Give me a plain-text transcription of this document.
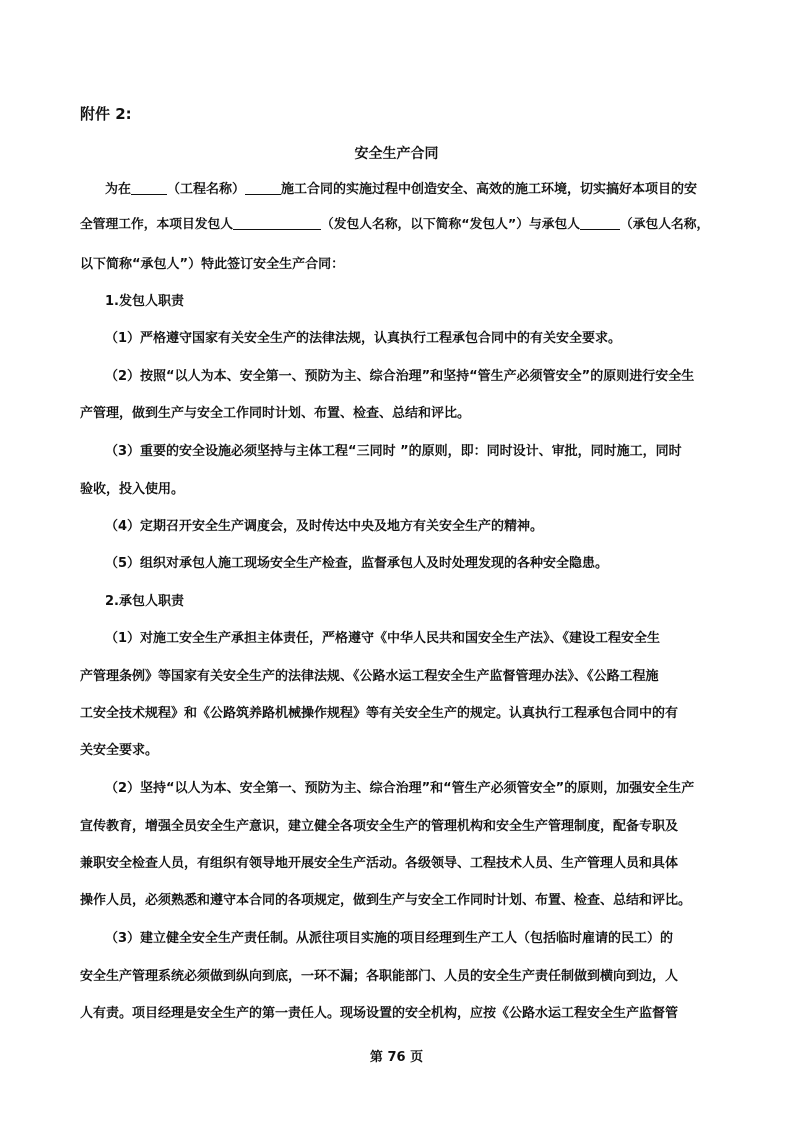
附件 2:
安全生产合同
为在	（工程名称）	施工合同的实施过程中创造安全、高效的施工环境，切实搞好本项目的安
全管理工作，本项目发包人	（发包人名称，以下简称“发包人”）与承包人	（承包人名称，
以下简称“承包人”）特此签订安全生产合同：
1.发包人职责
（1）严格遵守国家有关安全生产的法律法规，认真执行工程承包合同中的有关安全要求。
（2）按照“以人为本、安全第一、预防为主、综合治理”和坚持“管生产必须管安全”的原则进行安全生
产管理，做到生产与安全工作同时计划、布置、检查、总结和评比。
（3）重要的安全设施必须坚持与主体工程“三同时 ”的原则，即：同时设计、审批，同时施工，同时
验收，投入使用。
（4）定期召开安全生产调度会，及时传达中央及地方有关安全生产的精神。
（5）组织对承包人施工现场安全生产检查，监督承包人及时处理发现的各种安全隐患。
2.承包人职责
（1）对施工安全生产承担主体责任，严格遵守《中华人民共和国安全生产法》、《建设工程安全生
产管理条例》等国家有关安全生产的法律法规、《公路水运工程安全生产监督管理办法》、《公路工程施
工安全技术规程》和《公路筑养路机械操作规程》等有关安全生产的规定。认真执行工程承包合同中的有
关安全要求。
（2）坚持“以人为本、安全第一、预防为主、综合治理”和“管生产必须管安全”的原则，加强安全生产
宣传教育，增强全员安全生产意识，建立健全各项安全生产的管理机构和安全生产管理制度，配备专职及
兼职安全检查人员，有组织有领导地开展安全生产活动。各级领导、工程技术人员、生产管理人员和具体
操作人员，必须熟悉和遵守本合同的各项规定，做到生产与安全工作同时计划、布置、检查、总结和评比。
（3）建立健全安全生产责任制。从派往项目实施的项目经理到生产工人（包括临时雇请的民工）的
安全生产管理系统必须做到纵向到底，一环不漏；各职能部门、人员的安全生产责任制做到横向到边，人
人有责。项目经理是安全生产的第一责任人。现场设置的安全机构，应按《公路水运工程安全生产监督管
第 76 页
